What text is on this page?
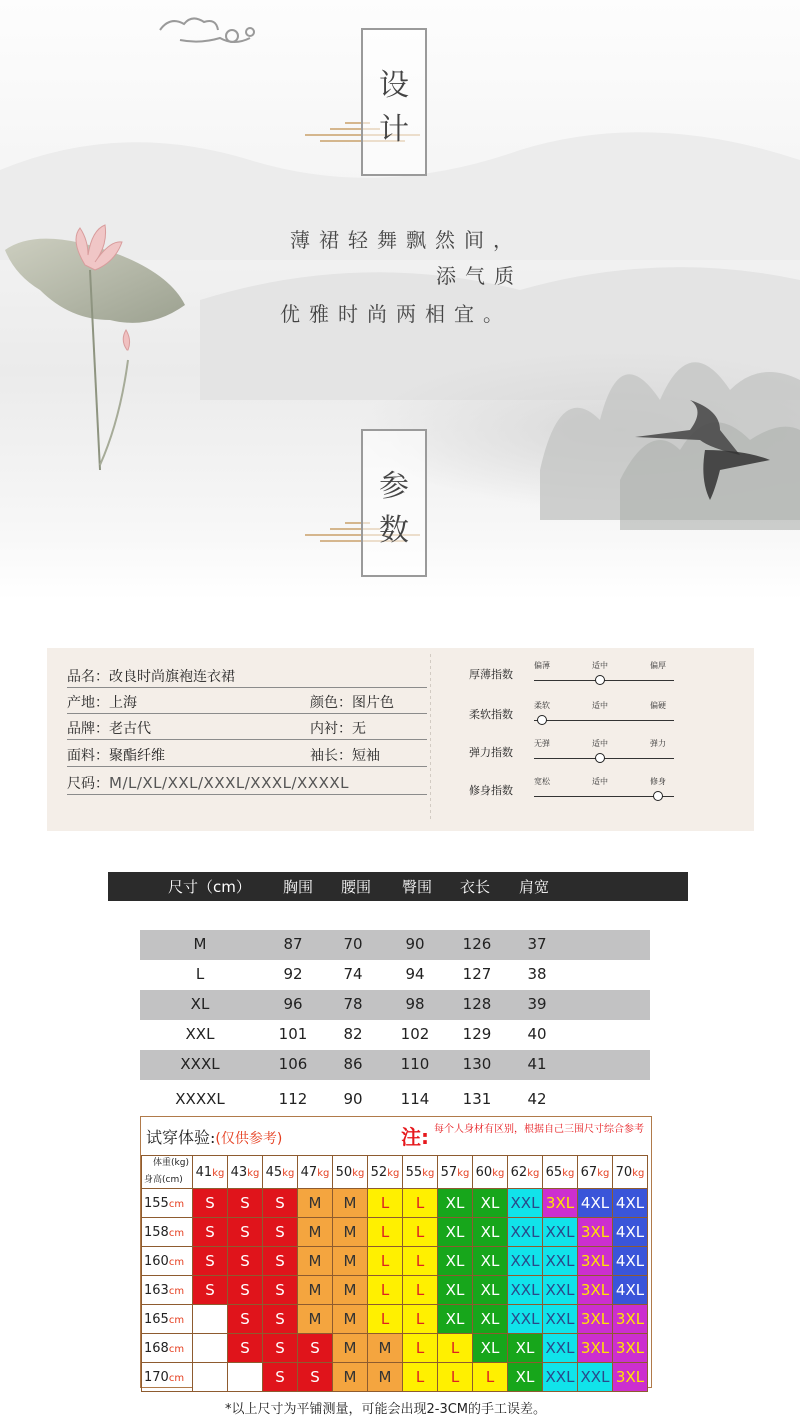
设
计
薄裙轻舞飘然间，
添气质
优雅时尚两相宜。
参
数
品名：改良时尚旗袍连衣裙
产地：上海	颜色：图片色
品牌：老古代	内衬：无
面料：聚酯纤维	袖长：短袖
尺码：M/L/XL/XXL/XXXL/XXXL/XXXXL
厚薄指数
偏薄	适中	偏厚
柔软指数
柔软	适中	偏硬
弹力指数
无弹	适中	弹力
修身指数
宽松	适中	修身
尺寸（cm） 胸围 腰围 臀围 衣长 肩宽
M	87	70	90	126	37
L	92	74	94	127	38
XL	96	78	98	128	39
XXL	101	82	102	129	40
XXXL	106	86	110	130	41
XXXXL	112	90	114	131	42
试穿体验:(仅供参考)	注: 每个人身材有区别，根据自己三围尺寸综合参考
体重(kg)
身高(cm)	41kg	43kg	45kg	47kg	50kg	52kg	55kg	57kg	60kg	62kg	65kg	67kg	70kg
155cm	S	S	S	M	M	L	L	XL	XL	XXL	3XL	4XL	4XL
158cm	S	S	S	M	M	L	L	XL	XL	XXL	XXL	3XL	4XL
160cm	S	S	S	M	M	L	L	XL	XL	XXL	XXL	3XL	4XL
163cm	S	S	S	M	M	L	L	XL	XL	XXL	XXL	3XL	4XL
165cm		S	S	M	M	L	L	XL	XL	XXL	XXL	3XL	3XL
168cm		S	S	S	M	M	L	L	XL	XL	XXL	3XL	3XL
170cm			S	S	M	M	L	L	L	XL	XXL	XXL	3XL
*以上尺寸为平铺测量，可能会出现2-3CM的手工误差。
